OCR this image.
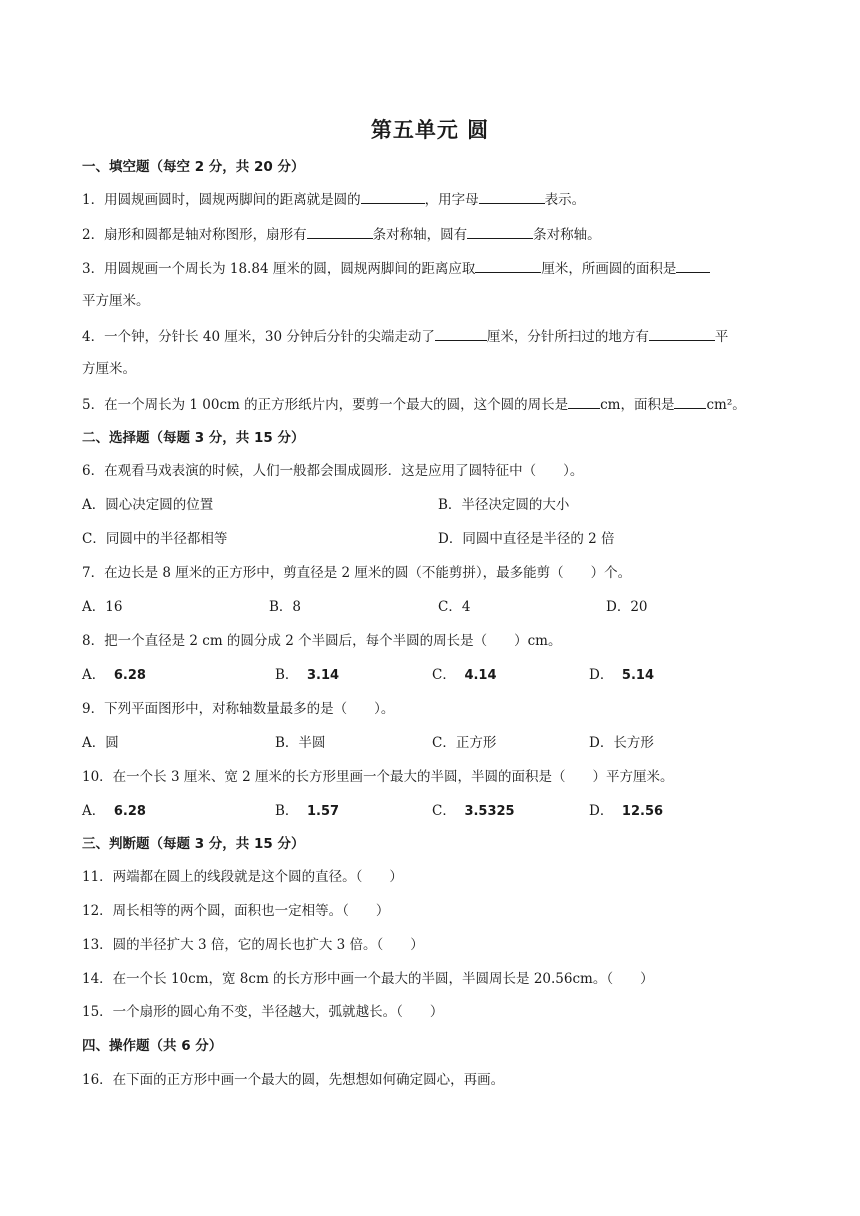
第五单元 圆
一、填空题（每空 2 分，共 20 分）
1．用圆规画圆时，圆规两脚间的距离就是圆的	，用字母	表示。
2．扇形和圆都是轴对称图形，扇形有	条对称轴，圆有	条对称轴。
3．用圆规画一个周长为 18.84 厘米的圆，圆规两脚间的距离应取	厘米，所画圆的面积是
平方厘米。
4．一个钟，分针长 40 厘米，30 分钟后分针的尖端走动了	厘米，分针所扫过的地方有	平
方厘米。
5．在一个周长为 1 00cm 的正方形纸片内，要剪一个最大的圆，这个圆的周长是 cm，面积是 cm²。
二、选择题（每题 3 分，共 15 分）
6．在观看马戏表演的时候，人们一般都会围成圆形．这是应用了圆特征中（　　）。
A．圆心决定圆的位置	B．半径决定圆的大小
C．同圆中的半径都相等	D．同圆中直径是半径的 2 倍
7．在边长是 8 厘米的正方形中，剪直径是 2 厘米的圆（不能剪拼），最多能剪（　　）个。
A．16	B．8	C．4	D．20
8．把一个直径是 2 cm 的圆分成 2 个半圆后，每个半圆的周长是（　　）cm。
A． 6.28	B． 3.14	C． 4.14	D． 5.14
9．下列平面图形中，对称轴数量最多的是（　　）。
A．圆	B．半圆	C．正方形	D．长方形
10．在一个长 3 厘米、宽 2 厘米的长方形里画一个最大的半圆，半圆的面积是（　　）平方厘米。
A． 6.28	B． 1.57	C． 3.5325	D． 12.56
三、判断题（每题 3 分，共 15 分）
11．两端都在圆上的线段就是这个圆的直径。（　　）
12．周长相等的两个圆，面积也一定相等。（　　）
13．圆的半径扩大 3 倍，它的周长也扩大 3 倍。（　　）
14．在一个长 10cm，宽 8cm 的长方形中画一个最大的半圆，半圆周长是 20.56cm。（　　）
15．一个扇形的圆心角不变，半径越大，弧就越长。（　　）
四、操作题（共 6 分）
16．在下面的正方形中画一个最大的圆，先想想如何确定圆心，再画。
